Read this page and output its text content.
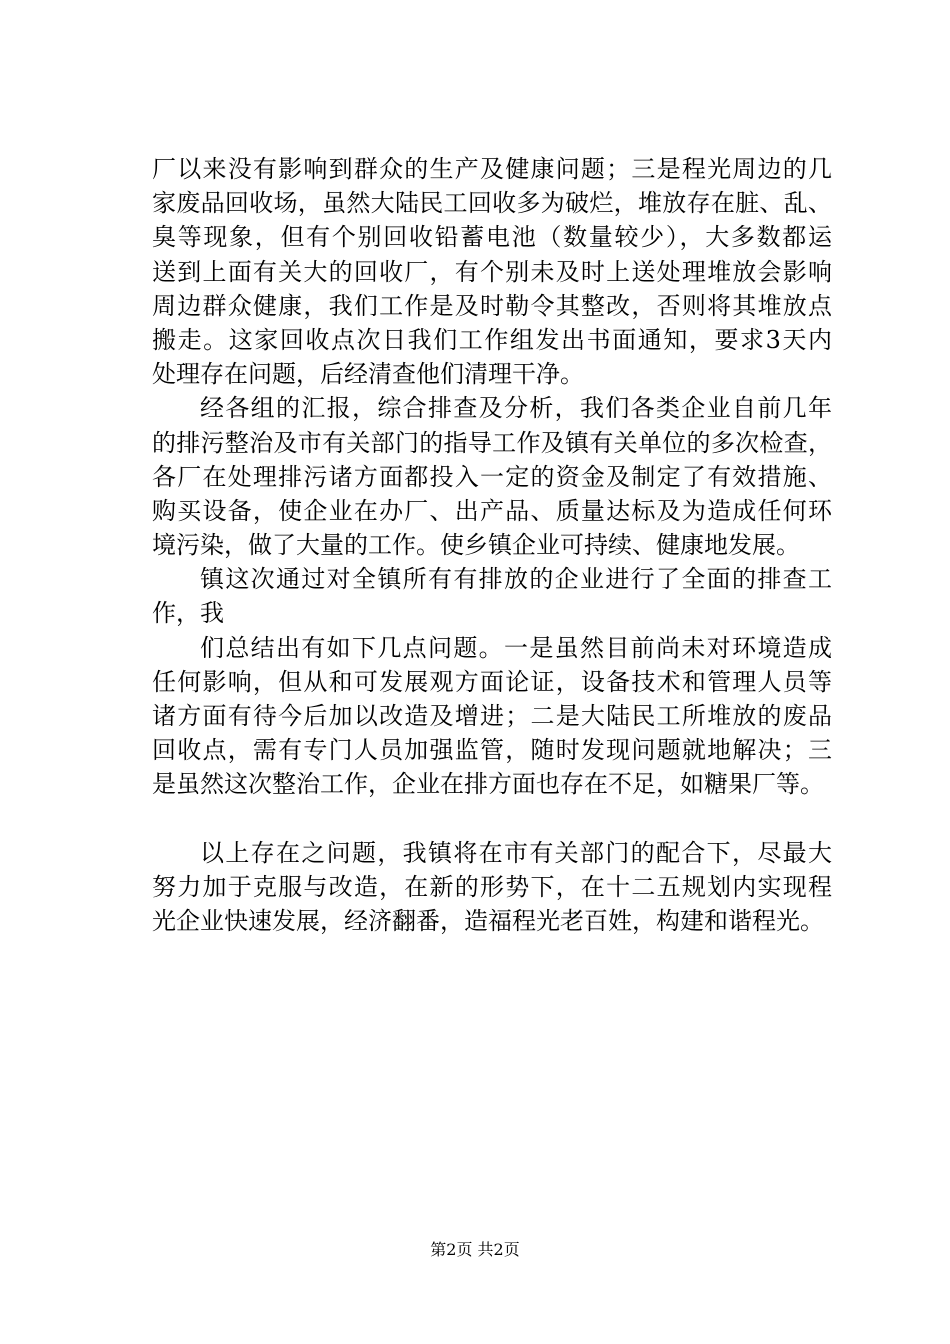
厂以来没有影响到群众的生产及健康问题；三是程光周边的几
家废品回收场，虽然大陆民工回收多为破烂，堆放存在脏、乱、
臭等现象，但有个别回收铅蓄电池（数量较少），大多数都运
送到上面有关大的回收厂，有个别未及时上送处理堆放会影响
周边群众健康，我们工作是及时勒令其整改，否则将其堆放点
搬走。这家回收点次日我们工作组发出书面通知，要求3天内
处理存在问题，后经清查他们清理干净。
经各组的汇报，综合排查及分析，我们各类企业自前几年
的排污整治及市有关部门的指导工作及镇有关单位的多次检查，
各厂在处理排污诸方面都投入一定的资金及制定了有效措施、
购买设备，使企业在办厂、出产品、质量达标及为造成任何环
境污染，做了大量的工作。使乡镇企业可持续、健康地发展。
镇这次通过对全镇所有有排放的企业进行了全面的排查工
作，我
们总结出有如下几点问题。一是虽然目前尚未对环境造成
任何影响，但从和可发展观方面论证，设备技术和管理人员等
诸方面有待今后加以改造及增进；二是大陆民工所堆放的废品
回收点，需有专门人员加强监管，随时发现问题就地解决；三
是虽然这次整治工作，企业在排方面也存在不足，如糖果厂等。
以上存在之问题，我镇将在市有关部门的配合下，尽最大
努力加于克服与改造，在新的形势下，在十二五规划内实现程
光企业快速发展，经济翻番，造福程光老百姓，构建和谐程光。
第2页 共2页
